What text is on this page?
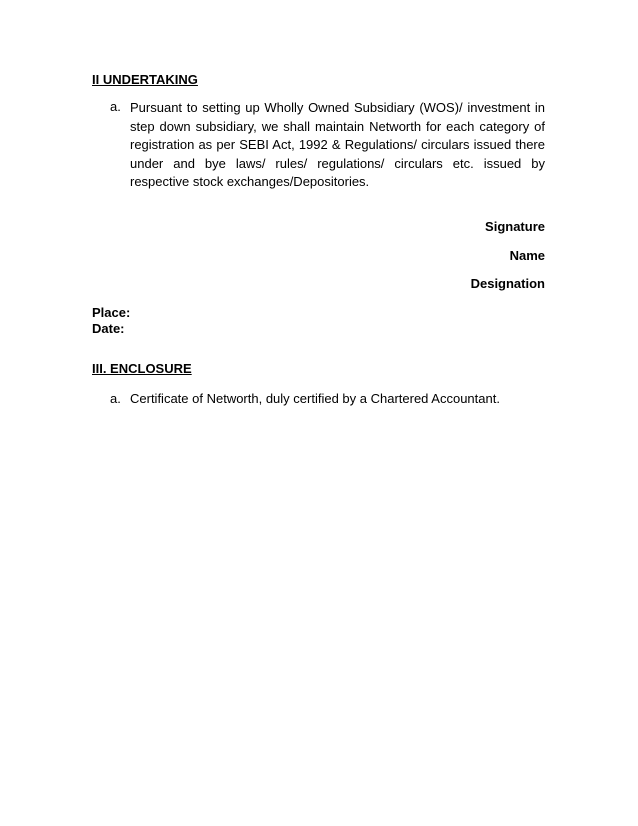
II UNDERTAKING
a. Pursuant to setting up Wholly Owned Subsidiary (WOS)/ investment in step down subsidiary, we shall maintain Networth for each category of registration as per SEBI Act, 1992 & Regulations/ circulars issued there under and bye laws/ rules/ regulations/ circulars etc. issued by respective stock exchanges/Depositories.
Signature
Name
Designation
Place:
Date:
III. ENCLOSURE
a. Certificate of Networth, duly certified by a Chartered Accountant.
